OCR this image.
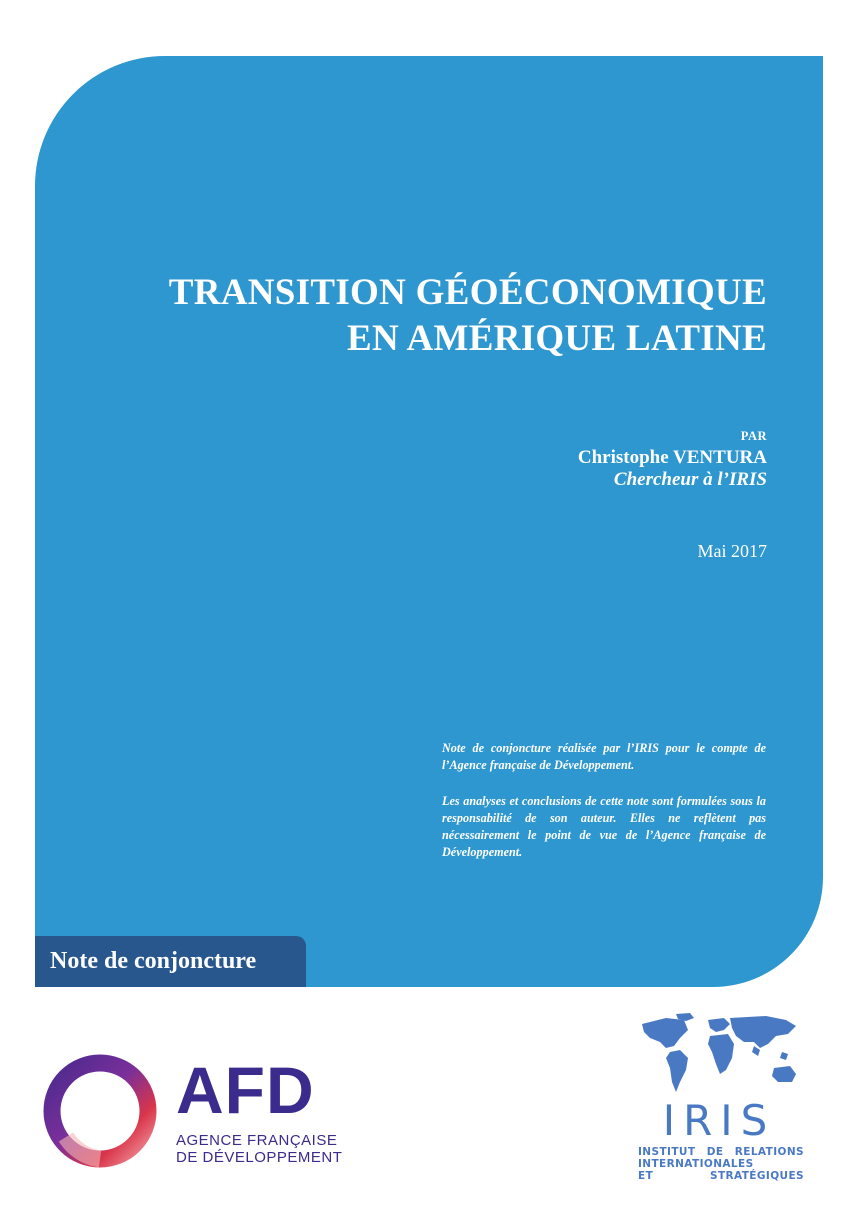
TRANSITION GÉOÉCONOMIQUE
EN AMÉRIQUE LATINE
PAR
Christophe VENTURA
Chercheur à l’IRIS
Mai 2017
Note de conjoncture réalisée par l’IRIS pour le compte de l’Agence française de Développement.
Les analyses et conclusions de cette note sont formulées sous la responsabilité de son auteur. Elles ne reflètent pas nécessairement le point de vue de l’Agence française de Développement.
Note de conjoncture
AFD
AGENCE FRANÇAISE
DE DÉVELOPPEMENT
IRIS
INSTITUT DE RELATIONS
INTERNATIONALES
ET STRATÉGIQUES
